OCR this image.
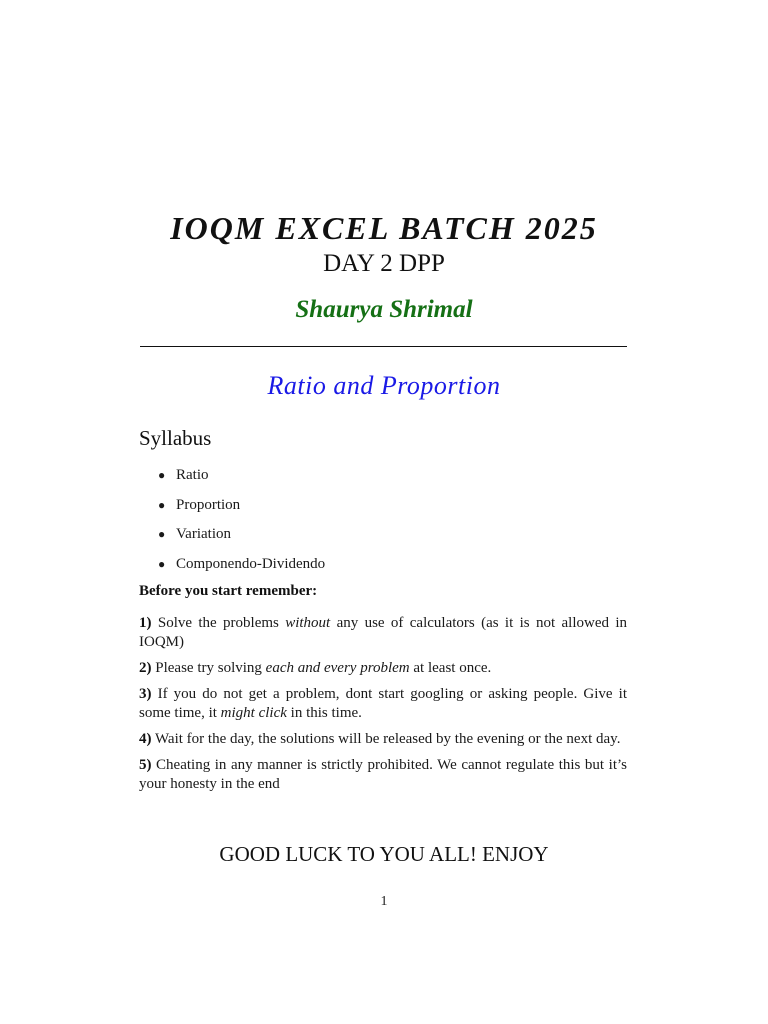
IOQM EXCEL BATCH 2025
DAY 2 DPP
Shaurya Shrimal
Ratio and Proportion
Syllabus
● Ratio
● Proportion
● Variation
● Componendo-Dividendo
Before you start remember:
1) Solve the problems without any use of calculators (as it is not allowed in IOQM)
2) Please try solving each and every problem at least once.
3) If you do not get a problem, dont start googling or asking people. Give it some time, it might click in this time.
4) Wait for the day, the solutions will be released by the evening or the next day.
5) Cheating in any manner is strictly prohibited. We cannot regulate this but it’s your honesty in the end
GOOD LUCK TO YOU ALL! ENJOY
1
